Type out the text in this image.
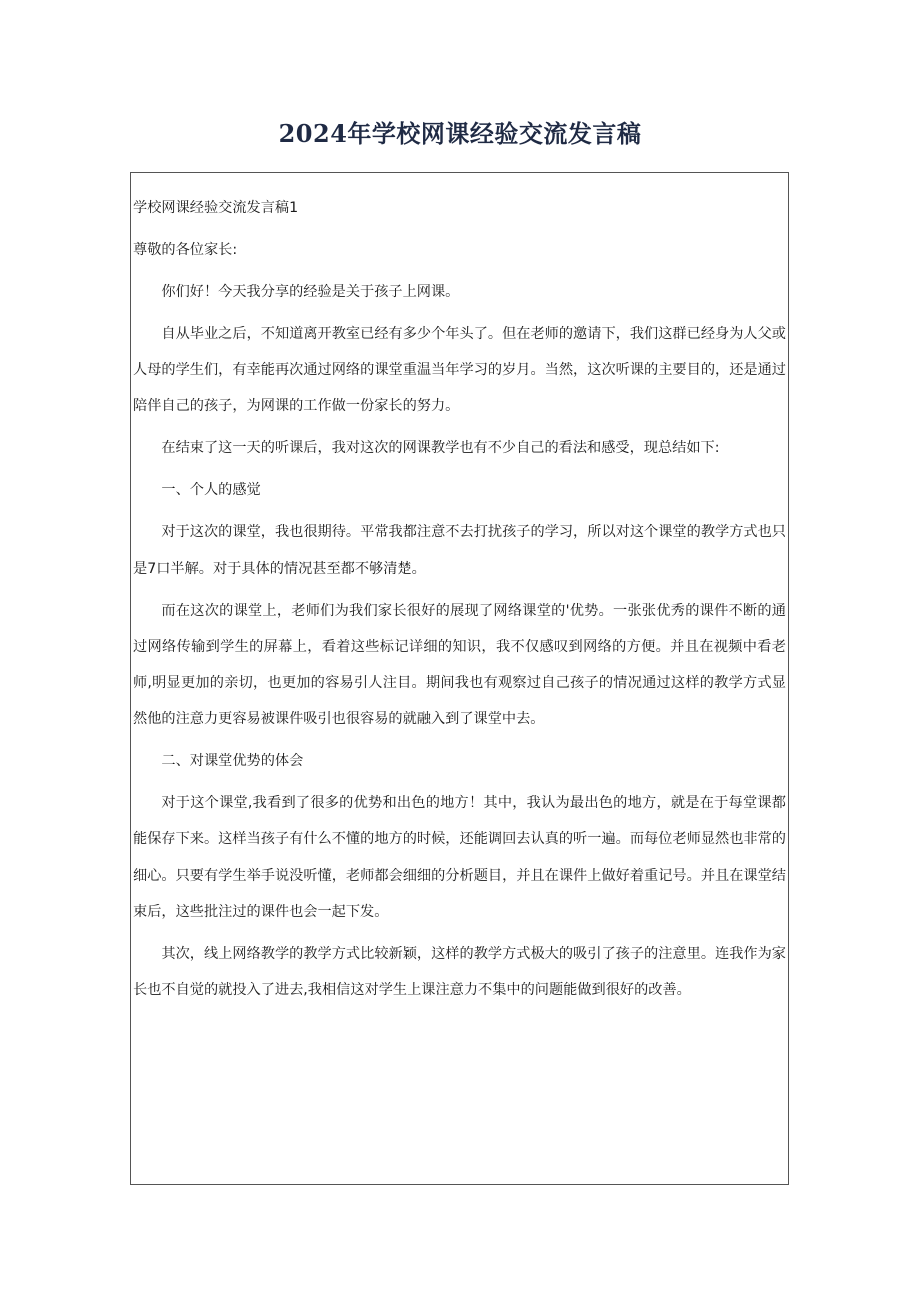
2024年学校网课经验交流发言稿

学校网课经验交流发言稿1

尊敬的各位家长:

你们好！今天我分享的经验是关于孩子上网课。

自从毕业之后，不知道离开教室已经有多少个年头了。但在老师的邀请下，我们这群已经身为人父或人母的学生们，有幸能再次通过网络的课堂重温当年学习的岁月。当然，这次听课的主要目的，还是通过陪伴自己的孩子，为网课的工作做一份家长的努力。

在结束了这一天的听课后，我对这次的网课教学也有不少自己的看法和感受，现总结如下:

一、个人的感觉

对于这次的课堂，我也很期待。平常我都注意不去打扰孩子的学习，所以对这个课堂的教学方式也只是7口半解。对于具体的情况甚至都不够清楚。

而在这次的课堂上，老师们为我们家长很好的展现了网络课堂的'优势。一张张优秀的课件不断的通过网络传输到学生的屏幕上，看着这些标记详细的知识，我不仅感叹到网络的方便。并且在视频中看老师,明显更加的亲切，也更加的容易引人注目。期间我也有观察过自己孩子的情况通过这样的教学方式显然他的注意力更容易被课件吸引也很容易的就融入到了课堂中去。

二、对课堂优势的体会

对于这个课堂,我看到了很多的优势和出色的地方！其中，我认为最出色的地方，就是在于每堂课都能保存下来。这样当孩子有什么不懂的地方的时候，还能调回去认真的听一遍。而每位老师显然也非常的细心。只要有学生举手说没听懂，老师都会细细的分析题目，并且在课件上做好着重记号。并且在课堂结束后，这些批注过的课件也会一起下发。

其次，线上网络教学的教学方式比较新颖，这样的教学方式极大的吸引了孩子的注意里。连我作为家长也不自觉的就投入了进去,我相信这对学生上课注意力不集中的问题能做到很好的改善。
